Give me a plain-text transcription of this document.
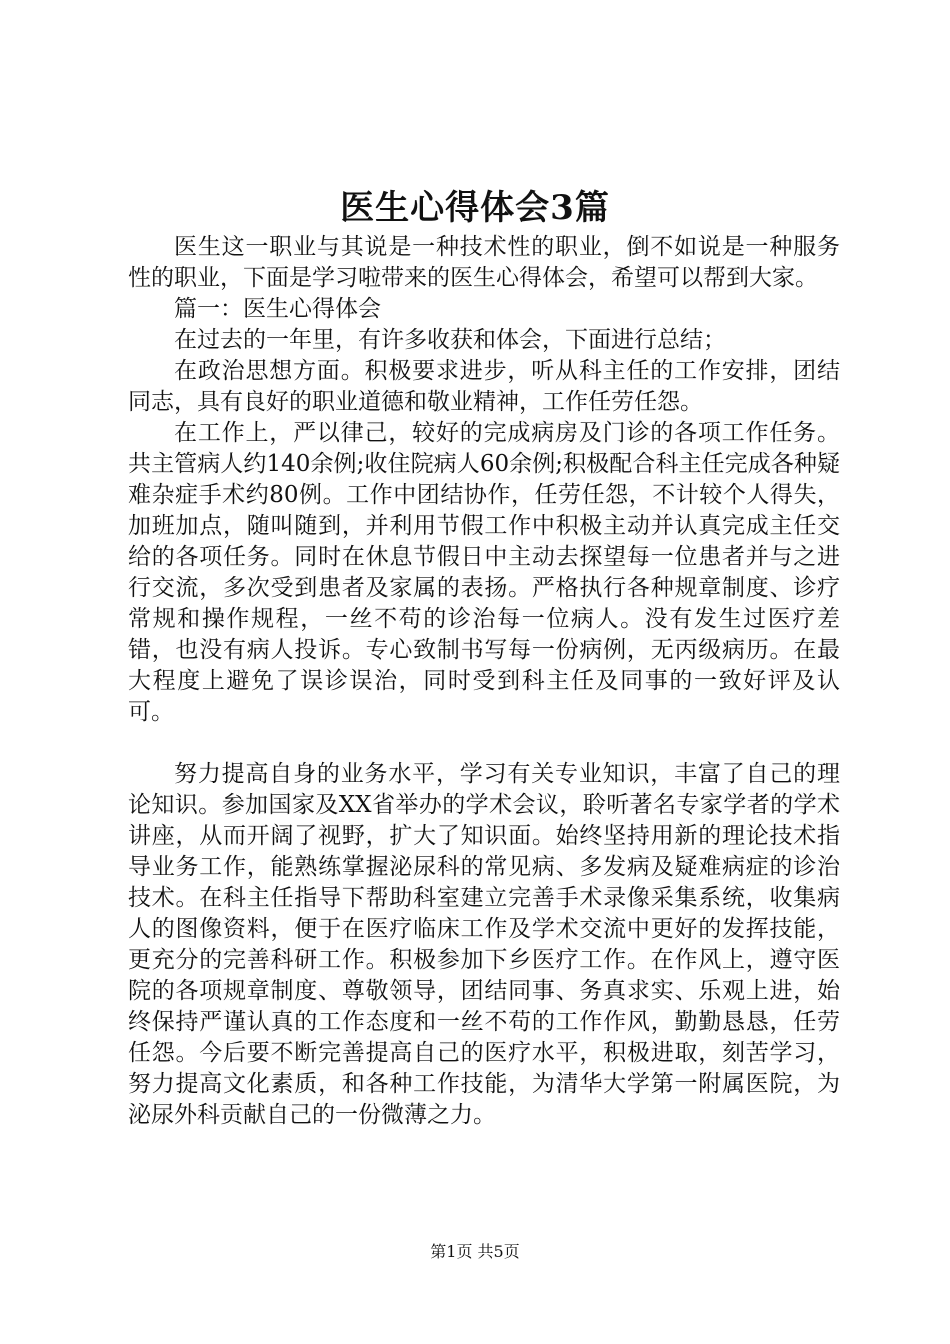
医生心得体会3篇

医生这一职业与其说是一种技术性的职业，倒不如说是一种服务性的职业，下面是学习啦带来的医生心得体会，希望可以帮到大家。

篇一：医生心得体会

在过去的一年里，有许多收获和体会，下面进行总结；

在政治思想方面。积极要求进步，听从科主任的工作安排，团结同志，具有良好的职业道德和敬业精神，工作任劳任怨。

在工作上，严以律己，较好的完成病房及门诊的各项工作任务。共主管病人约140余例;收住院病人60余例;积极配合科主任完成各种疑难杂症手术约80例。工作中团结协作，任劳任怨，不计较个人得失，加班加点，随叫随到，并利用节假工作中积极主动并认真完成主任交给的各项任务。同时在休息节假日中主动去探望每一位患者并与之进行交流，多次受到患者及家属的表扬。严格执行各种规章制度、诊疗常规和操作规程，一丝不苟的诊治每一位病人。没有发生过医疗差错，也没有病人投诉。专心致制书写每一份病例，无丙级病历。在最大程度上避免了误诊误治，同时受到科主任及同事的一致好评及认可。

努力提高自身的业务水平，学习有关专业知识，丰富了自己的理论知识。参加国家及XX省举办的学术会议，聆听著名专家学者的学术讲座，从而开阔了视野，扩大了知识面。始终坚持用新的理论技术指导业务工作，能熟练掌握泌尿科的常见病、多发病及疑难病症的诊治技术。在科主任指导下帮助科室建立完善手术录像采集系统，收集病人的图像资料，便于在医疗临床工作及学术交流中更好的发挥技能，更充分的完善科研工作。积极参加下乡医疗工作。在作风上，遵守医院的各项规章制度、尊敬领导，团结同事、务真求实、乐观上进，始终保持严谨认真的工作态度和一丝不苟的工作作风，勤勤恳恳，任劳任怨。今后要不断完善提高自己的医疗水平，积极进取，刻苦学习，努力提高文化素质，和各种工作技能，为清华大学第一附属医院，为泌尿外科贡献自己的一份微薄之力。

第1页 共5页
